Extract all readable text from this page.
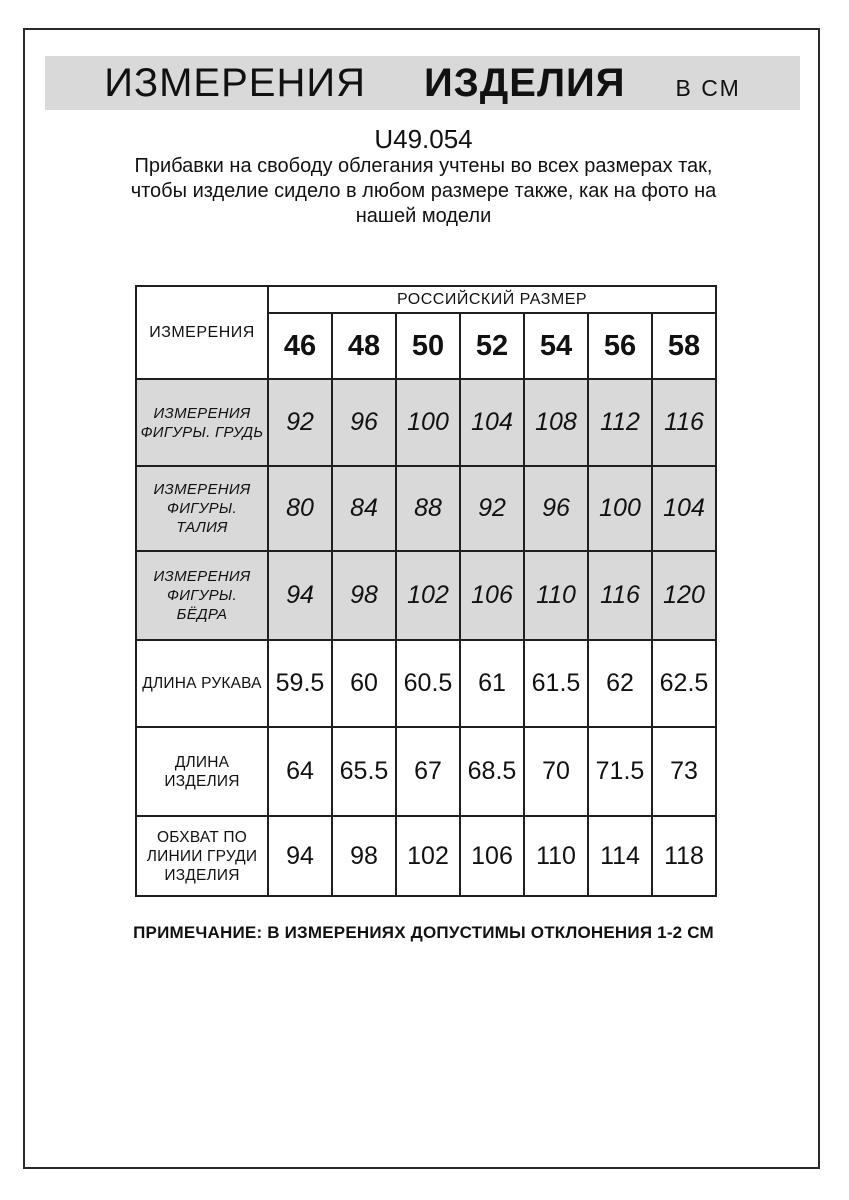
ИЗМЕРЕНИЯ ИЗДЕЛИЯ В СМ
U49.054
Прибавки на свободу облегания учтены во всех размерах так,
чтобы изделие сидело в любом размере также, как на фото на
нашей модели
ИЗМЕРЕНИЯ	РОССИЙСКИЙ РАЗМЕР						
	46	48	50	52	54	56	58
ИЗМЕРЕНИЯ ФИГУРЫ. ГРУДЬ	92	96	100	104	108	112	116
ИЗМЕРЕНИЯ ФИГУРЫ. ТАЛИЯ	80	84	88	92	96	100	104
ИЗМЕРЕНИЯ ФИГУРЫ. БЁДРА	94	98	102	106	110	116	120
ДЛИНА РУКАВА	59.5	60	60.5	61	61.5	62	62.5
ДЛИНА ИЗДЕЛИЯ	64	65.5	67	68.5	70	71.5	73
ОБХВАТ ПО ЛИНИИ ГРУДИ ИЗДЕЛИЯ	94	98	102	106	110	114	118
ПРИМЕЧАНИЕ: В ИЗМЕРЕНИЯХ ДОПУСТИМЫ ОТКЛОНЕНИЯ 1-2 СМ
